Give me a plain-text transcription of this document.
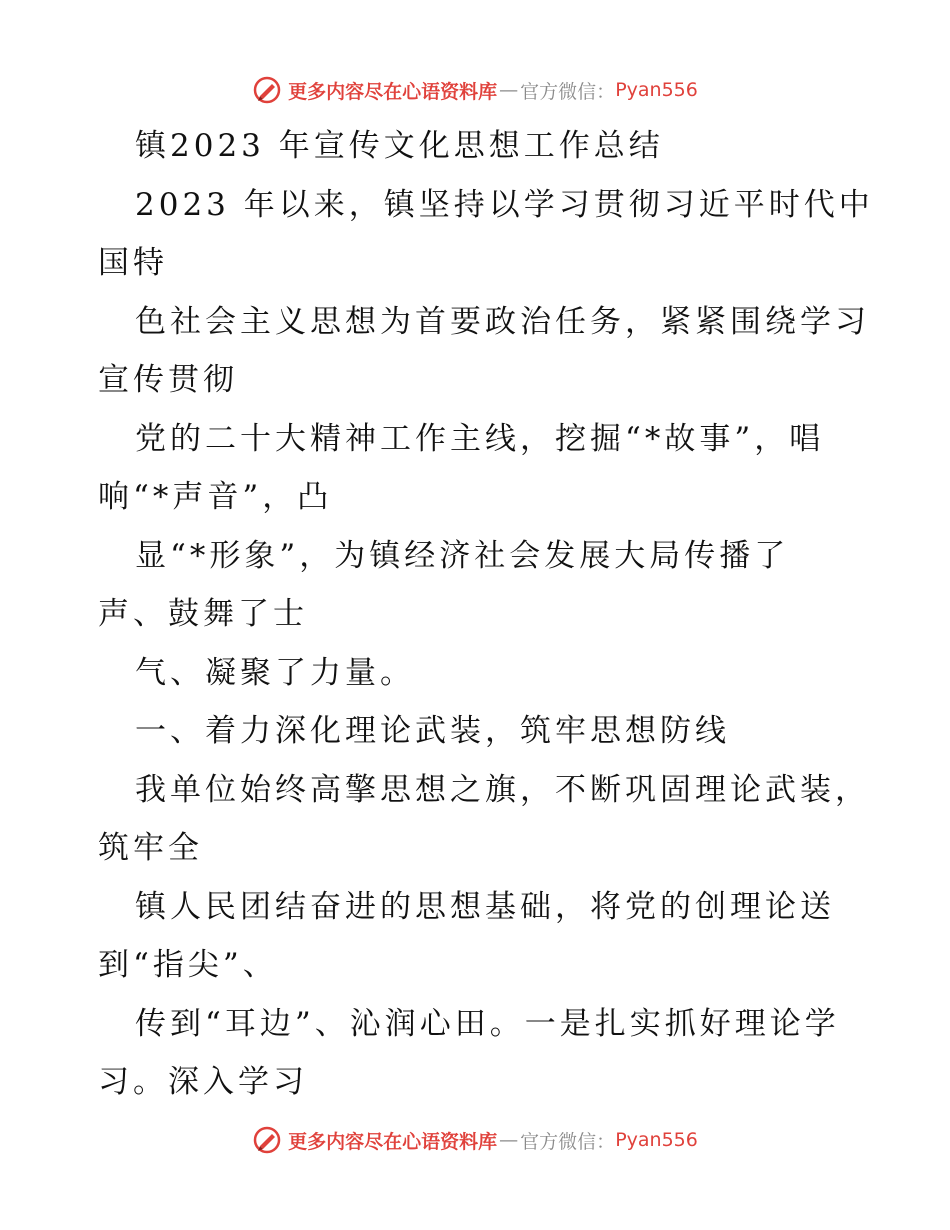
更多内容尽在心语资料库 — 官方微信： Pyan556
镇2023 年宣传文化思想工作总结
2023 年以来，镇坚持以学习贯彻习近平时代中
国特
色社会主义思想为首要政治任务，紧紧围绕学习
宣传贯彻
党的二十大精神工作主线，挖掘“*故事”，唱
响“*声音”，凸
显“*形象”，为镇经济社会发展大局传播了
声、鼓舞了士
气、凝聚了力量。
一、着力深化理论武装，筑牢思想防线
我单位始终高擎思想之旗，不断巩固理论武装，
筑牢全
镇人民团结奋进的思想基础，将党的创理论送
到“指尖”、
传到“耳边”、沁润心田。一是扎实抓好理论学
习。深入学习
更多内容尽在心语资料库 — 官方微信： Pyan556
